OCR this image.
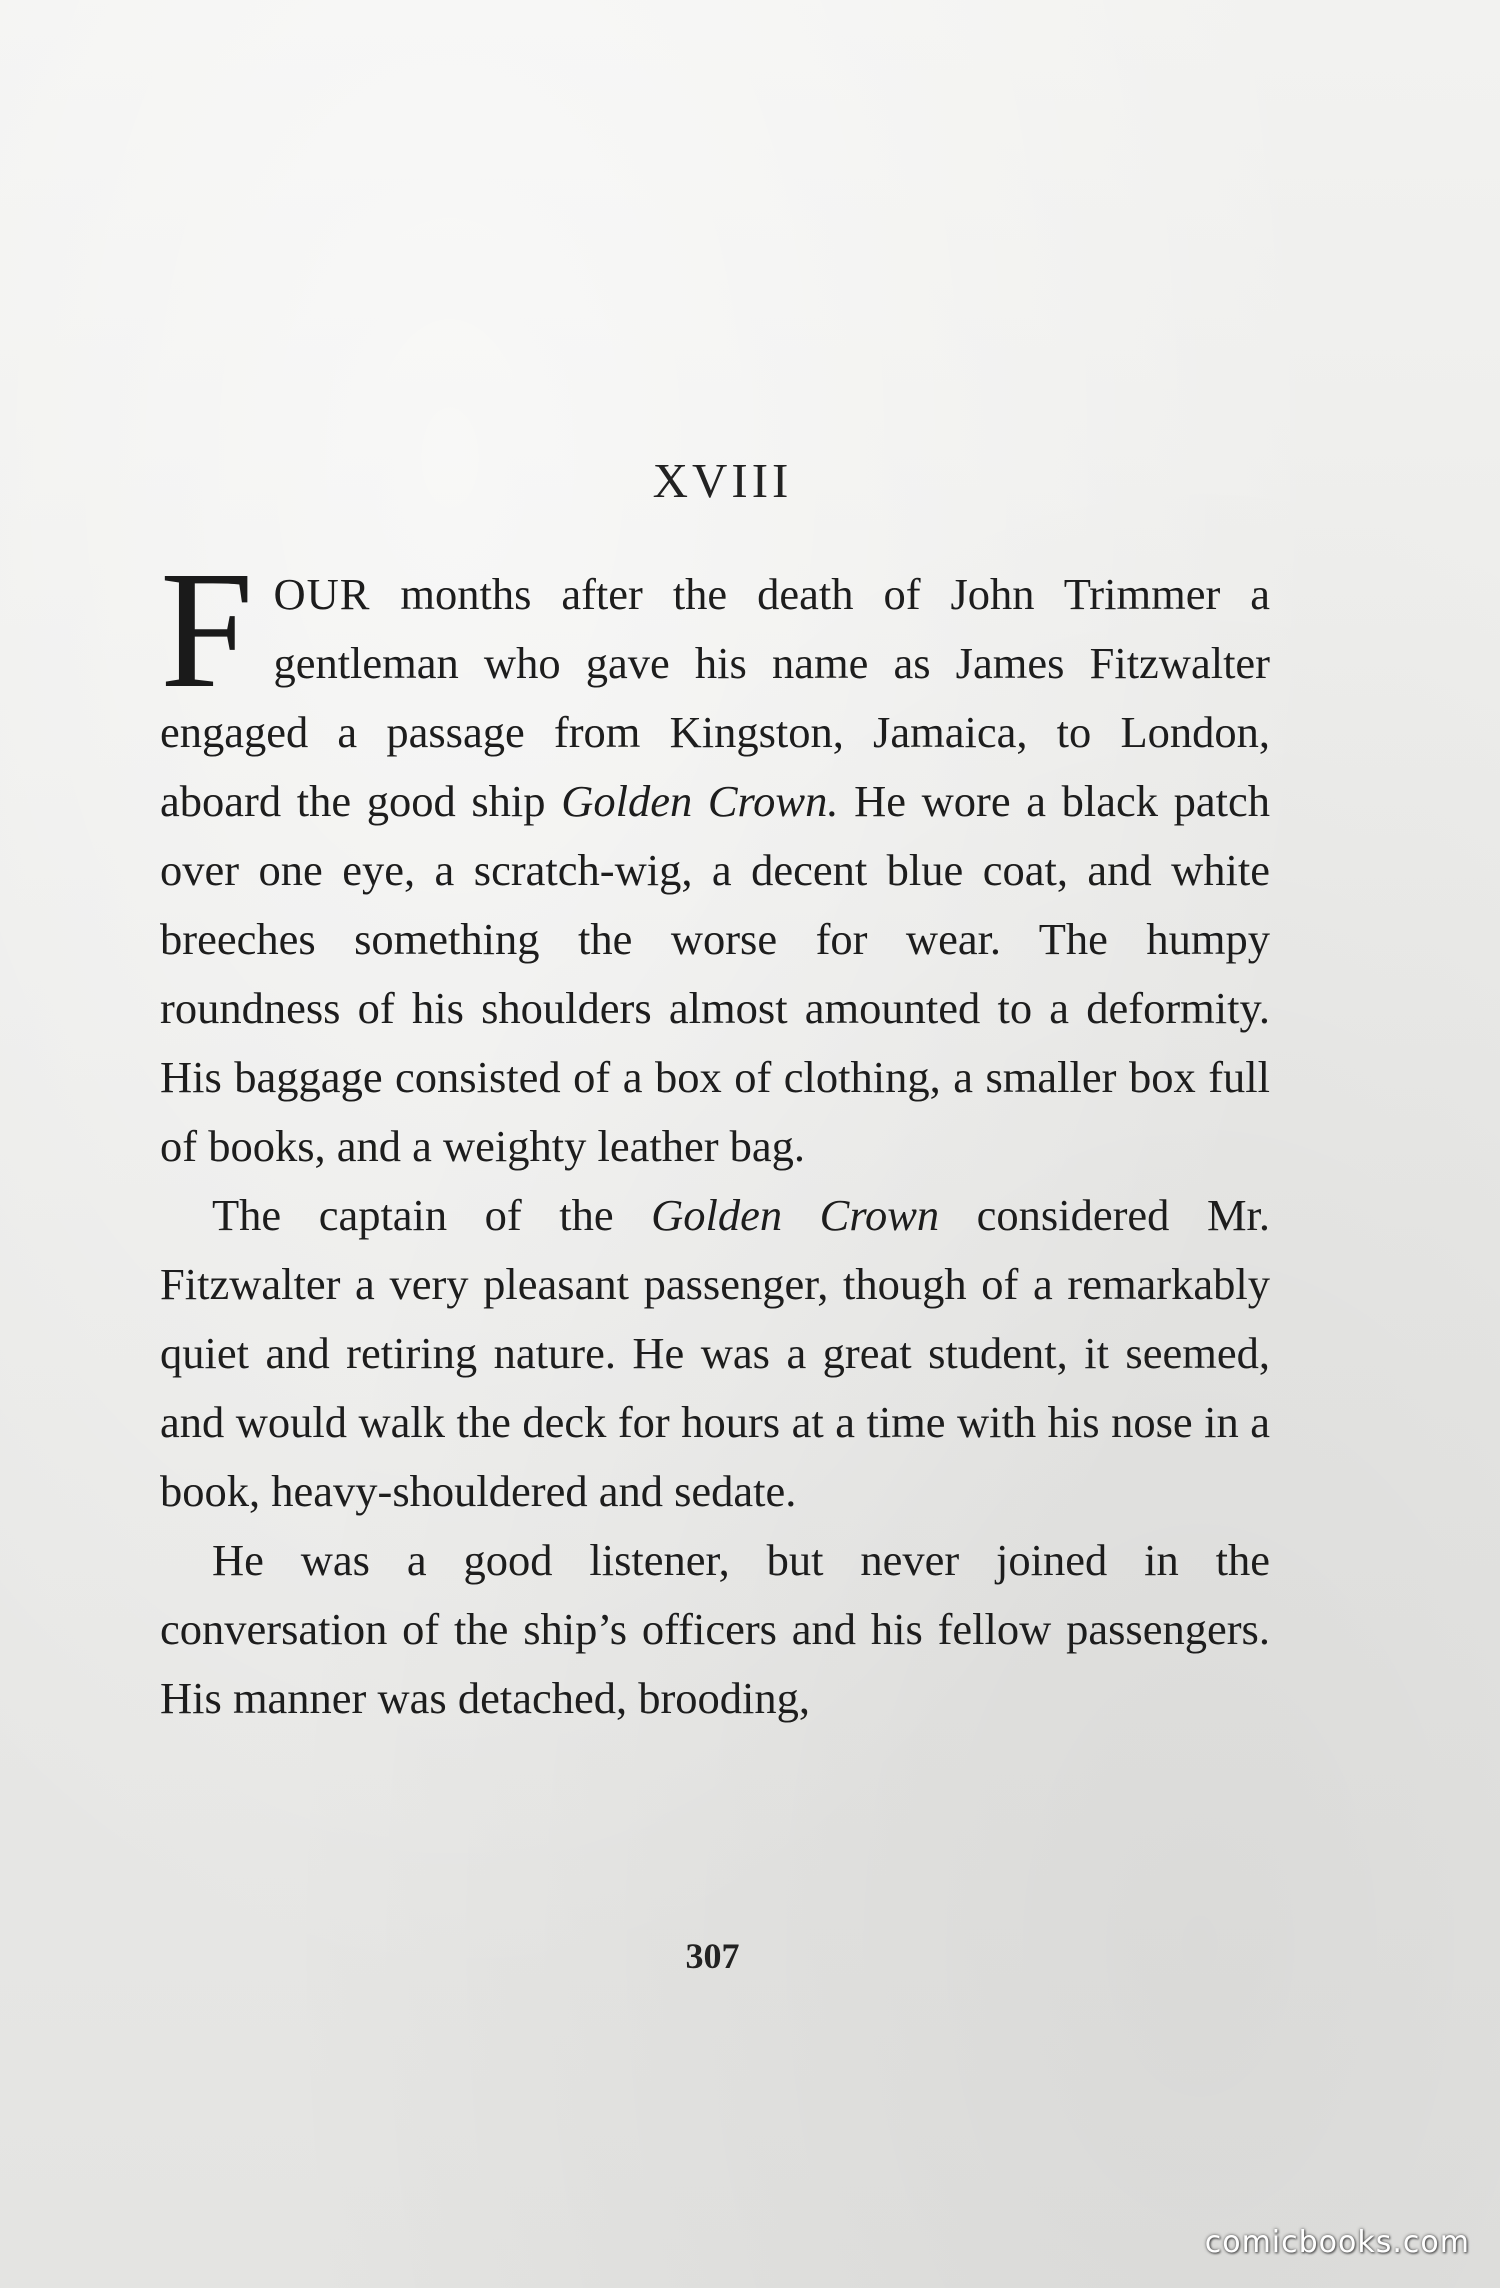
XVIII

FOUR months after the death of John Trimmer a gentleman who gave his name as James Fitzwalter engaged a passage from Kingston, Jamaica, to London, aboard the good ship Golden Crown. He wore a black patch over one eye, a scratch-wig, a decent blue coat, and white breeches something the worse for wear. The humpy roundness of his shoulders almost amounted to a deformity. His baggage consisted of a box of clothing, a smaller box full of books, and a weighty leather bag.

The captain of the Golden Crown considered Mr. Fitzwalter a very pleasant passenger, though of a remarkably quiet and retiring nature. He was a great student, it seemed, and would walk the deck for hours at a time with his nose in a book, heavy-shouldered and sedate.

He was a good listener, but never joined in the conversation of the ship’s officers and his fellow passengers. His manner was detached, brooding,

307
comicbooks.com
